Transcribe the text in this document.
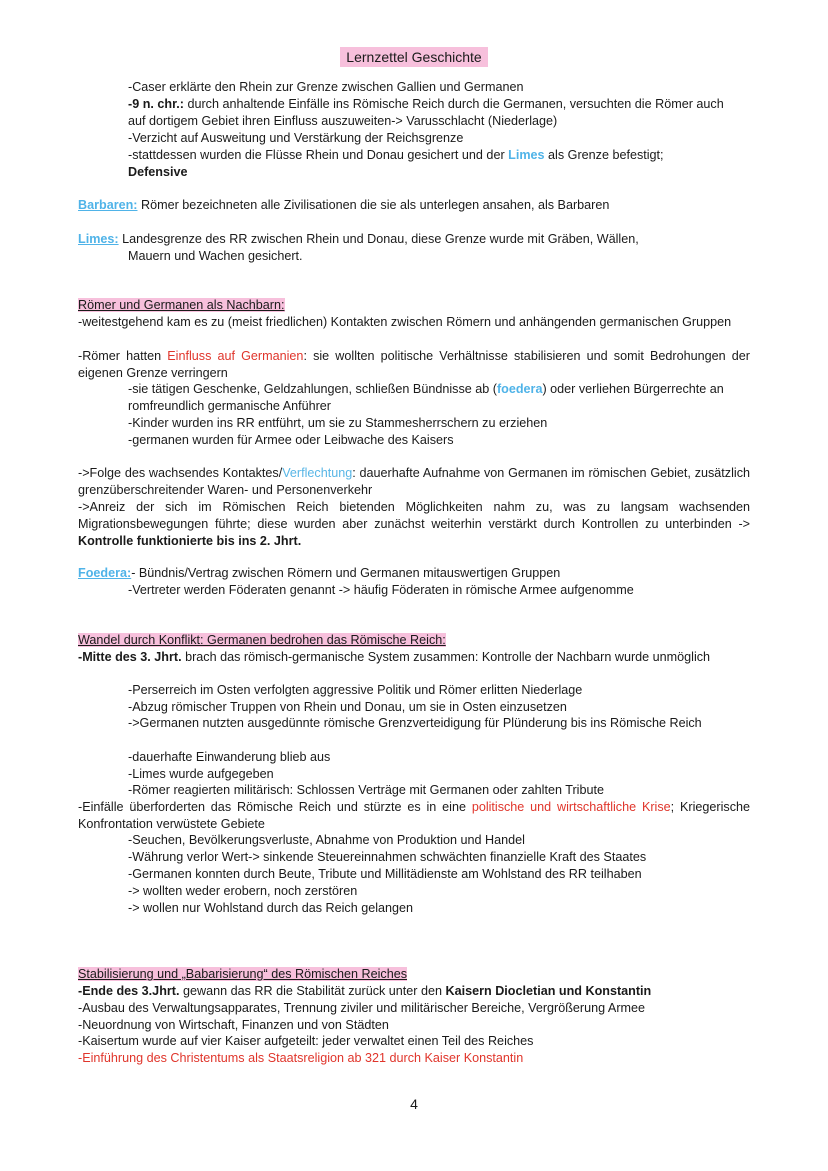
Lernzettel Geschichte
-Caser erklärte den Rhein zur Grenze zwischen Gallien und Germanen
-9 n. chr.: durch anhaltende Einfälle ins Römische Reich durch die Germanen, versuchten die Römer auch auf dortigem Gebiet ihren Einfluss auszuweiten-> Varusschlacht (Niederlage)
-Verzicht auf Ausweitung und Verstärkung der Reichsgrenze
-stattdessen wurden die Flüsse Rhein und Donau gesichert und der Limes als Grenze befestigt;
Defensive
Barbaren: Römer bezeichneten alle Zivilisationen die sie als unterlegen ansahen, als Barbaren
Limes: Landesgrenze des RR zwischen Rhein und Donau, diese Grenze wurde mit Gräben, Wällen,
Mauern und Wachen gesichert.
Römer und Germanen als Nachbarn:
-weitestgehend kam es zu (meist friedlichen) Kontakten zwischen Römern und anhängenden germanischen Gruppen
-Römer hatten Einfluss auf Germanien: sie wollten politische Verhältnisse stabilisieren und somit Bedrohungen der eigenen Grenze verringern
-sie tätigen Geschenke, Geldzahlungen, schließen Bündnisse ab (foedera) oder verliehen Bürgerrechte an romfreundlich germanische Anführer
-Kinder wurden ins RR entführt, um sie zu Stammesherrschern zu erziehen
-germanen wurden für Armee oder Leibwache des Kaisers
->Folge des wachsendes Kontaktes/Verflechtung: dauerhafte Aufnahme von Germanen im römischen Gebiet, zusätzlich grenzüberschreitender Waren- und Personenverkehr
->Anreiz der sich im Römischen Reich bietenden Möglichkeiten nahm zu, was zu langsam wachsenden Migrationsbewegungen führte; diese wurden aber zunächst weiterhin verstärkt durch Kontrollen zu unterbinden -> Kontrolle funktionierte bis ins 2. Jhrt.
Foedera:- Bündnis/Vertrag zwischen Römern und Germanen mitauswertigen Gruppen
-Vertreter werden Föderaten genannt -> häufig Föderaten in römische Armee aufgenomme
Wandel durch Konflikt: Germanen bedrohen das Römische Reich:
-Mitte des 3. Jhrt. brach das römisch-germanische System zusammen: Kontrolle der Nachbarn wurde unmöglich
-Perserreich im Osten verfolgten aggressive Politik und Römer erlitten Niederlage
-Abzug römischer Truppen von Rhein und Donau, um sie in Osten einzusetzen
->Germanen nutzten ausgedünnte römische Grenzverteidigung für Plünderung bis ins Römische Reich
-dauerhafte Einwanderung blieb aus
-Limes wurde aufgegeben
-Römer reagierten militärisch: Schlossen Verträge mit Germanen oder zahlten Tribute
-Einfälle überforderten das Römische Reich und stürzte es in eine politische und wirtschaftliche Krise; Kriegerische Konfrontation verwüstete Gebiete
-Seuchen, Bevölkerungsverluste, Abnahme von Produktion und Handel
-Währung verlor Wert-> sinkende Steuereinnahmen schwächten finanzielle Kraft des Staates
-Germanen konnten durch Beute, Tribute und Millitädienste am Wohlstand des RR teilhaben
-> wollten weder erobern, noch zerstören
-> wollen nur Wohlstand durch das Reich gelangen
Stabilisierung und „Babarisierung“ des Römischen Reiches
-Ende des 3.Jhrt. gewann das RR die Stabilität zurück unter den Kaisern Diocletian und Konstantin
-Ausbau des Verwaltungsapparates, Trennung ziviler und militärischer Bereiche, Vergrößerung Armee
-Neuordnung von Wirtschaft, Finanzen und von Städten
-Kaisertum wurde auf vier Kaiser aufgeteilt: jeder verwaltet einen Teil des Reiches
-Einführung des Christentums als Staatsreligion ab 321 durch Kaiser Konstantin
4
